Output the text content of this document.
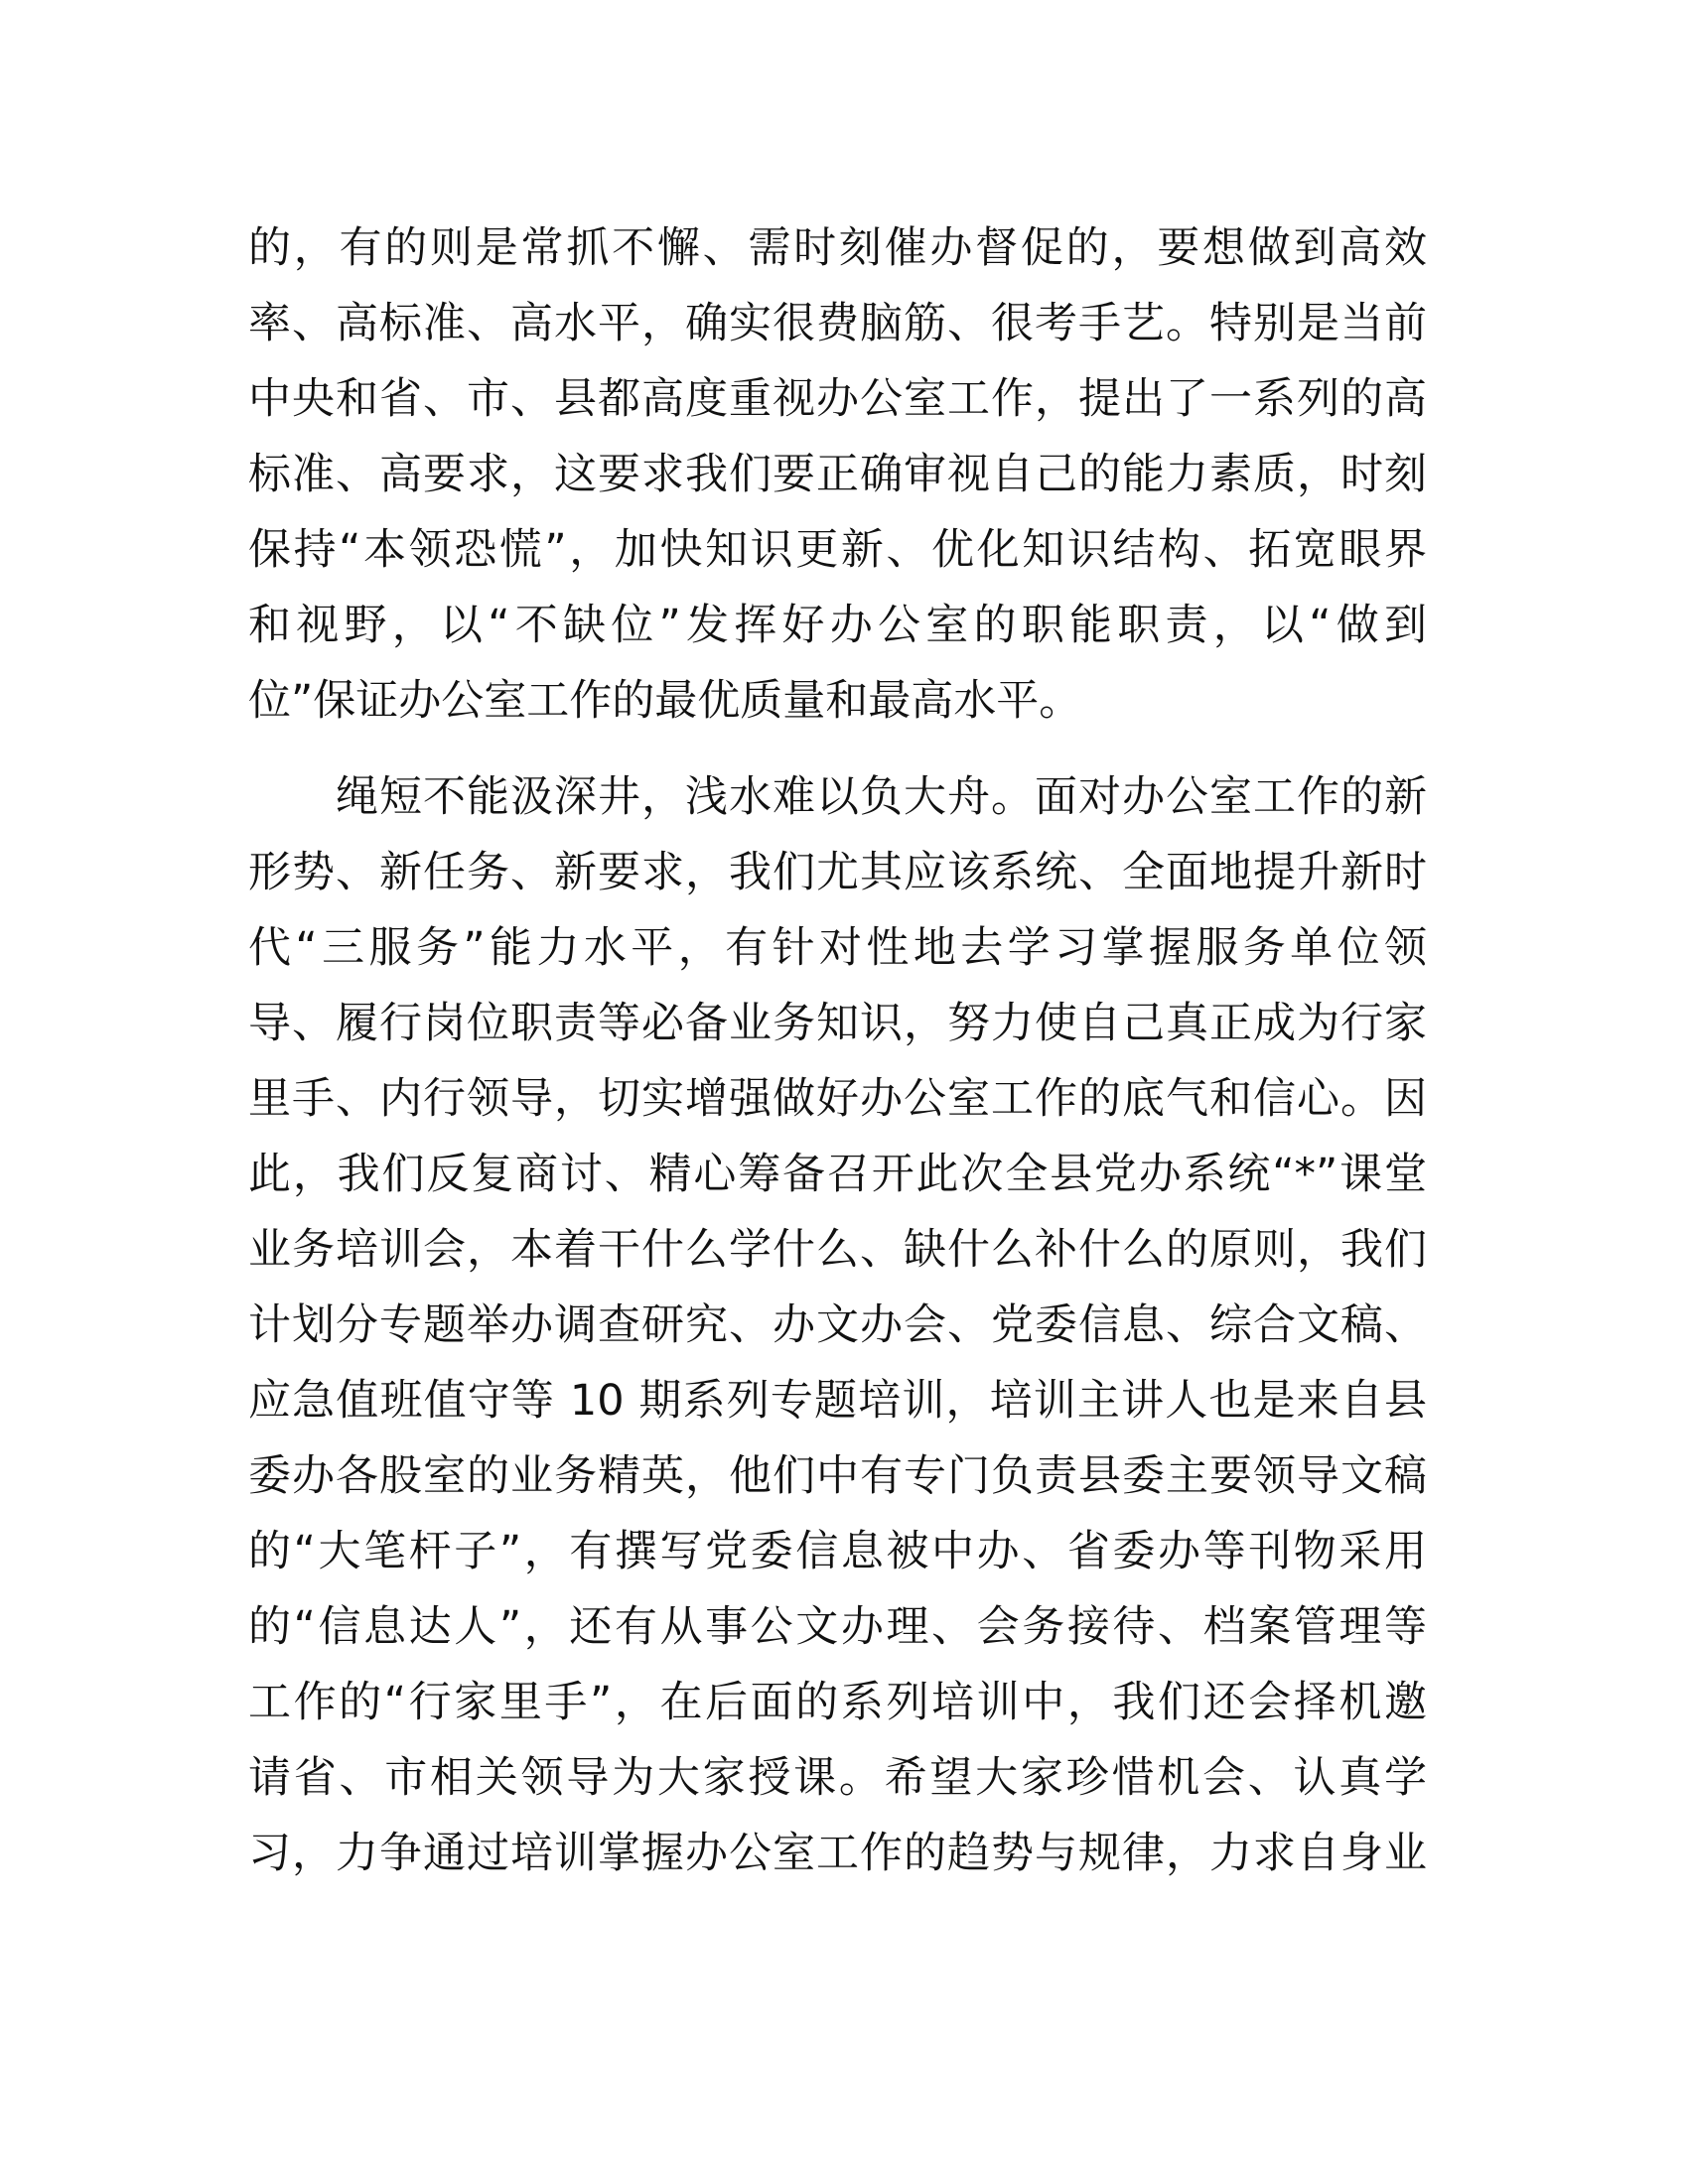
的，有的则是常抓不懈、需时刻催办督促的，要想做到高效
率、高标准、高水平，确实很费脑筋、很考手艺。特别是当前
中央和省、市、县都高度重视办公室工作，提出了一系列的高
标准、高要求，这要求我们要正确审视自己的能力素质，时刻
保持“本领恐慌”，加快知识更新、优化知识结构、拓宽眼界
和视野，以“不缺位”发挥好办公室的职能职责，以“做到
位”保证办公室工作的最优质量和最高水平。
绳短不能汲深井，浅水难以负大舟。面对办公室工作的新
形势、新任务、新要求，我们尤其应该系统、全面地提升新时
代“三服务”能力水平，有针对性地去学习掌握服务单位领
导、履行岗位职责等必备业务知识，努力使自己真正成为行家
里手、内行领导，切实增强做好办公室工作的底气和信心。因
此，我们反复商讨、精心筹备召开此次全县党办系统“*”课堂
业务培训会，本着干什么学什么、缺什么补什么的原则，我们
计划分专题举办调查研究、办文办会、党委信息、综合文稿、
应急值班值守等 10 期系列专题培训，培训主讲人也是来自县
委办各股室的业务精英，他们中有专门负责县委主要领导文稿
的“大笔杆子”，有撰写党委信息被中办、省委办等刊物采用
的“信息达人”，还有从事公文办理、会务接待、档案管理等
工作的“行家里手”，在后面的系列培训中，我们还会择机邀
请省、市相关领导为大家授课。希望大家珍惜机会、认真学
习，力争通过培训掌握办公室工作的趋势与规律，力求自身业
